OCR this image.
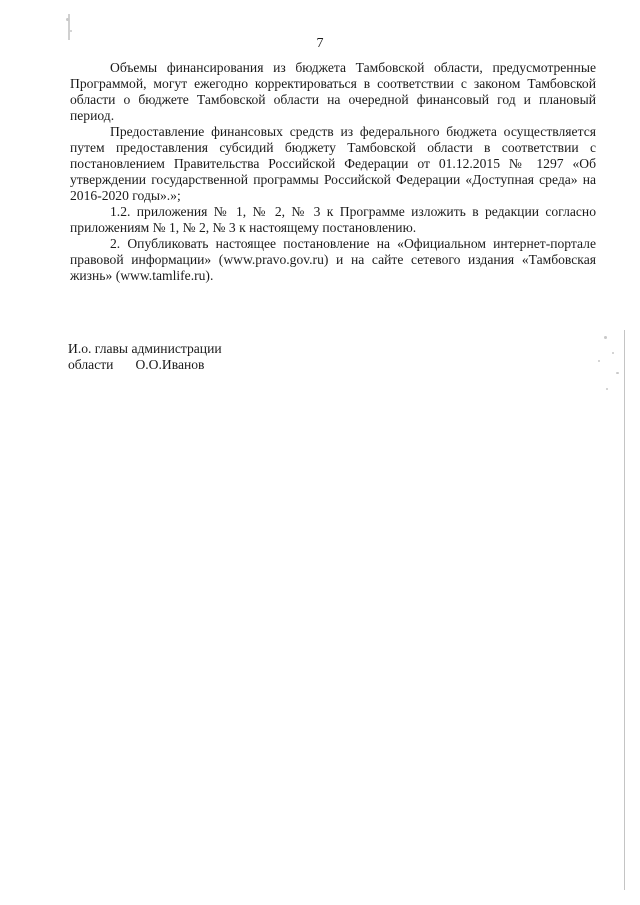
7

Объемы финансирования из бюджета Тамбовской области, предусмотренные Программой, могут ежегодно корректироваться в соответствии с законом Тамбовской области о бюджете Тамбовской области на очередной финансовый год и плановый период.

Предоставление финансовых средств из федерального бюджета осуществляется путем предоставления субсидий бюджету Тамбовской области в соответствии с постановлением Правительства Российской Федерации от 01.12.2015 № 1297 «Об утверждении государственной программы Российской Федерации «Доступная среда» на 2016-2020 годы».»;

1.2. приложения № 1, № 2, № 3 к Программе изложить в редакции согласно приложениям № 1, № 2, № 3 к настоящему постановлению.

2. Опубликовать настоящее постановление на «Официальном интернет-портале правовой информации» (www.pravo.gov.ru) и на сайте сетевого издания «Тамбовская жизнь» (www.tamlife.ru).

И.о. главы администрации
области О.О.Иванов
